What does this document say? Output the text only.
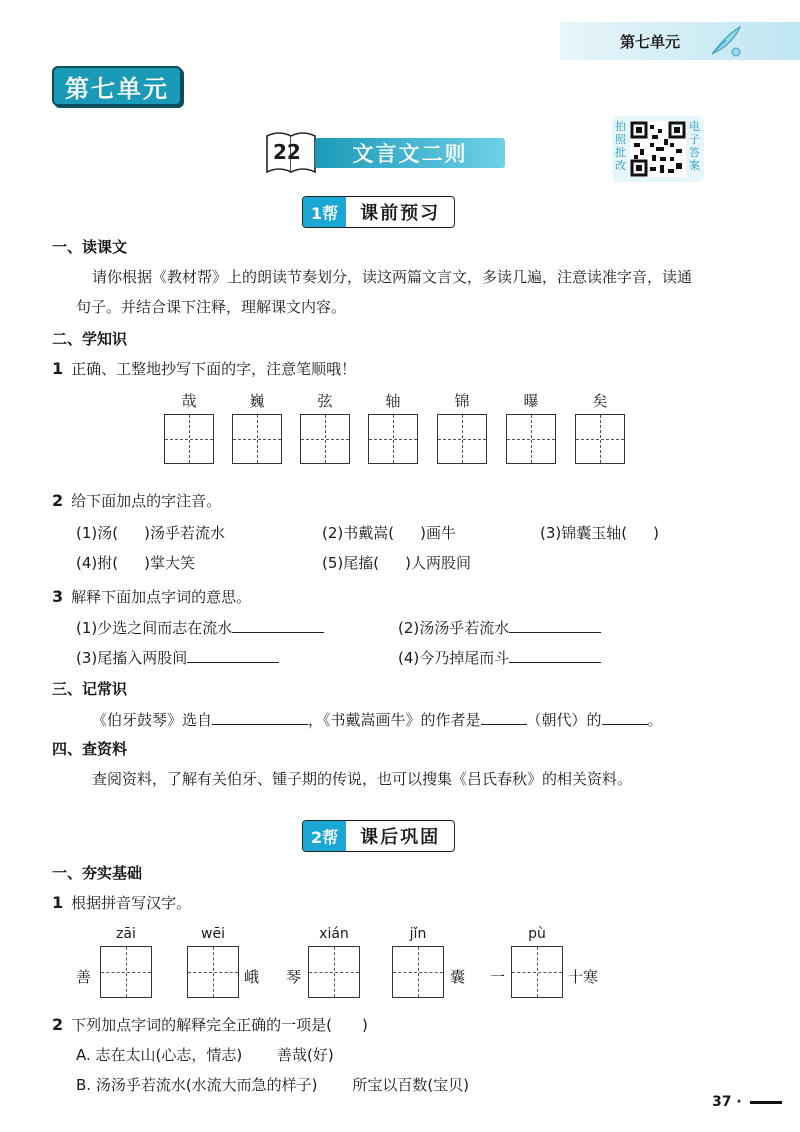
第七单元
第七单元
22 文言文二则
拍照批改
电子答案
1帮	课前预习
一、读课文
请你根据《教材帮》上的朗读节奏划分，读这两篇文言文，多读几遍，注意读准字音，读通
句子。并结合课下注释，理解课文内容。
二、学知识
1 正确、工整地抄写下面的字，注意笔顺哦！
哉	巍	弦	轴	锦	曝	矣
2 给下面加点的字注音。
(1)汤( )汤乎若流水	(2)书戴嵩( )画牛	(3)锦囊玉轴( )
(4)拊( )掌大笑	(5)尾搐( )人两股间
3 解释下面加点字词的意思。
(1)少选之间而志在流水	(2)汤汤乎若流水
(3)尾搐入两股间	(4)今乃掉尾而斗
三、记常识
《伯牙鼓琴》选自	，《书戴嵩画牛》的作者是	（朝代）的	。
四、查资料
查阅资料，了解有关伯牙、锺子期的传说，也可以搜集《吕氏春秋》的相关资料。
2帮	课后巩固
一、夯实基础
1 根据拼音写汉字。
zāi
善
wēi
峨
xián
琴
jǐn
囊
pù
一	十寒
2 下列加点字词的解释完全正确的一项是(　　)
A. 志在太山(心志，情志) 善哉(好)
B. 汤汤乎若流水(水流大而急的样子) 所宝以百数(宝贝)
37 ·
